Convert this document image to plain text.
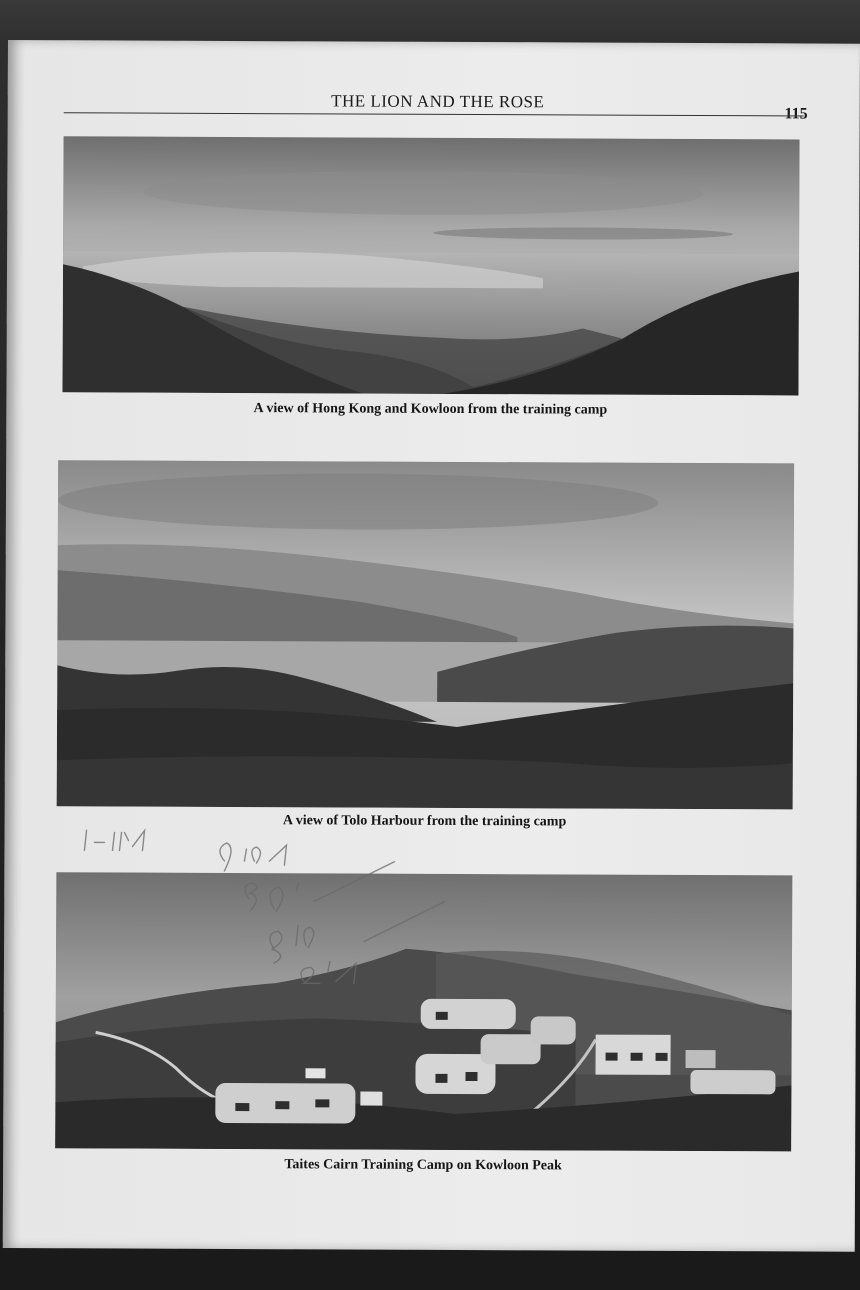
THE LION AND THE ROSE
115
A view of Hong Kong and Kowloon from the training camp
A view of Tolo Harbour from the training camp
Taites Cairn Training Camp on Kowloon Peak
